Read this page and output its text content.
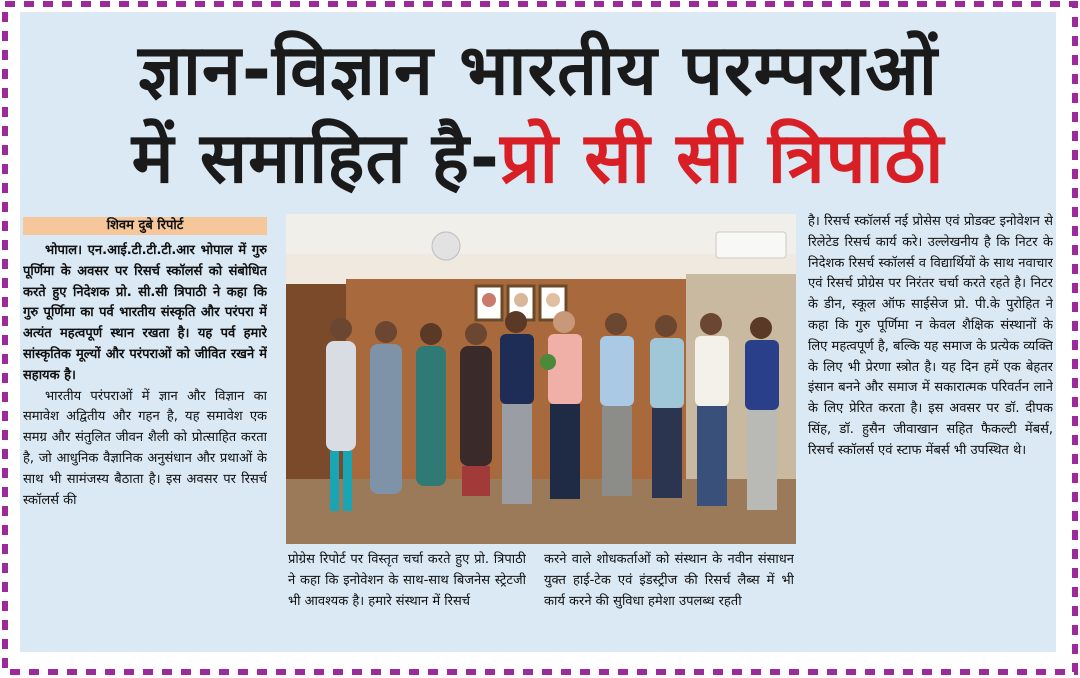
ज्ञान-विज्ञान भारतीय परम्पराओं
में समाहित है-प्रो सी सी त्रिपाठी
शिवम दुबे रिपोर्ट

भोपाल। एन.आई.टी.टी.टी.आर भोपाल में गुरु पूर्णिमा के अवसर पर रिसर्च स्कॉलर्स को संबोधित करते हुए निदेशक प्रो. सी.सी त्रिपाठी ने कहा कि गुरु पूर्णिमा का पर्व भारतीय संस्कृति और परंपरा में अत्यंत महत्वपूर्ण स्थान रखता है। यह पर्व हमारे सांस्कृतिक मूल्यों और परंपराओं को जीवित रखने में सहायक है।

भारतीय परंपराओं में ज्ञान और विज्ञान का समावेश अद्वितीय और गहन है, यह समावेश एक समग्र और संतुलित जीवन शैली को प्रोत्साहित करता है, जो आधुनिक वैज्ञानिक अनुसंधान और प्रथाओं के साथ भी सामंजस्य बैठाता है। इस अवसर पर रिसर्च स्कॉलर्स की

प्रोग्रेस रिपोर्ट पर विस्तृत चर्चा करते हुए प्रो. त्रिपाठी ने कहा कि इनोवेशन के साथ-साथ बिजनेस स्ट्रेटजी भी आवश्यक है। हमारे संस्थान में रिसर्च

करने वाले शोधकर्ताओं को संस्थान के नवीन संसाधन युक्त हाई-टेक एवं इंडस्ट्रीज की रिसर्च लैब्स में भी कार्य करने की सुविधा हमेशा उपलब्ध रहती

है। रिसर्च स्कॉलर्स नई प्रोसेस एवं प्रोडक्ट इनोवेशन से रिलेटेड रिसर्च कार्य करे। उल्लेखनीय है कि निटर के निदेशक रिसर्च स्कॉलर्स व विद्यार्थियों के साथ नवाचार एवं रिसर्च प्रोग्रेस पर निरंतर चर्चा करते रहते है। निटर के डीन, स्कूल ऑफ साईसेज प्रो. पी.के पुरोहित ने कहा कि गुरु पूर्णिमा न केवल शैक्षिक संस्थानों के लिए महत्वपूर्ण है, बल्कि यह समाज के प्रत्येक व्यक्ति के लिए भी प्रेरणा स्त्रोत है। यह दिन हमें एक बेहतर इंसान बनने और समाज में सकारात्मक परिवर्तन लाने के लिए प्रेरित करता है। इस अवसर पर डॉ. दीपक सिंह, डॉ. हुसैन जीवाखान सहित फैकल्टी मेंबर्स, रिसर्च स्कॉलर्स एवं स्टाफ मेंबर्स भी उपस्थित थे।
